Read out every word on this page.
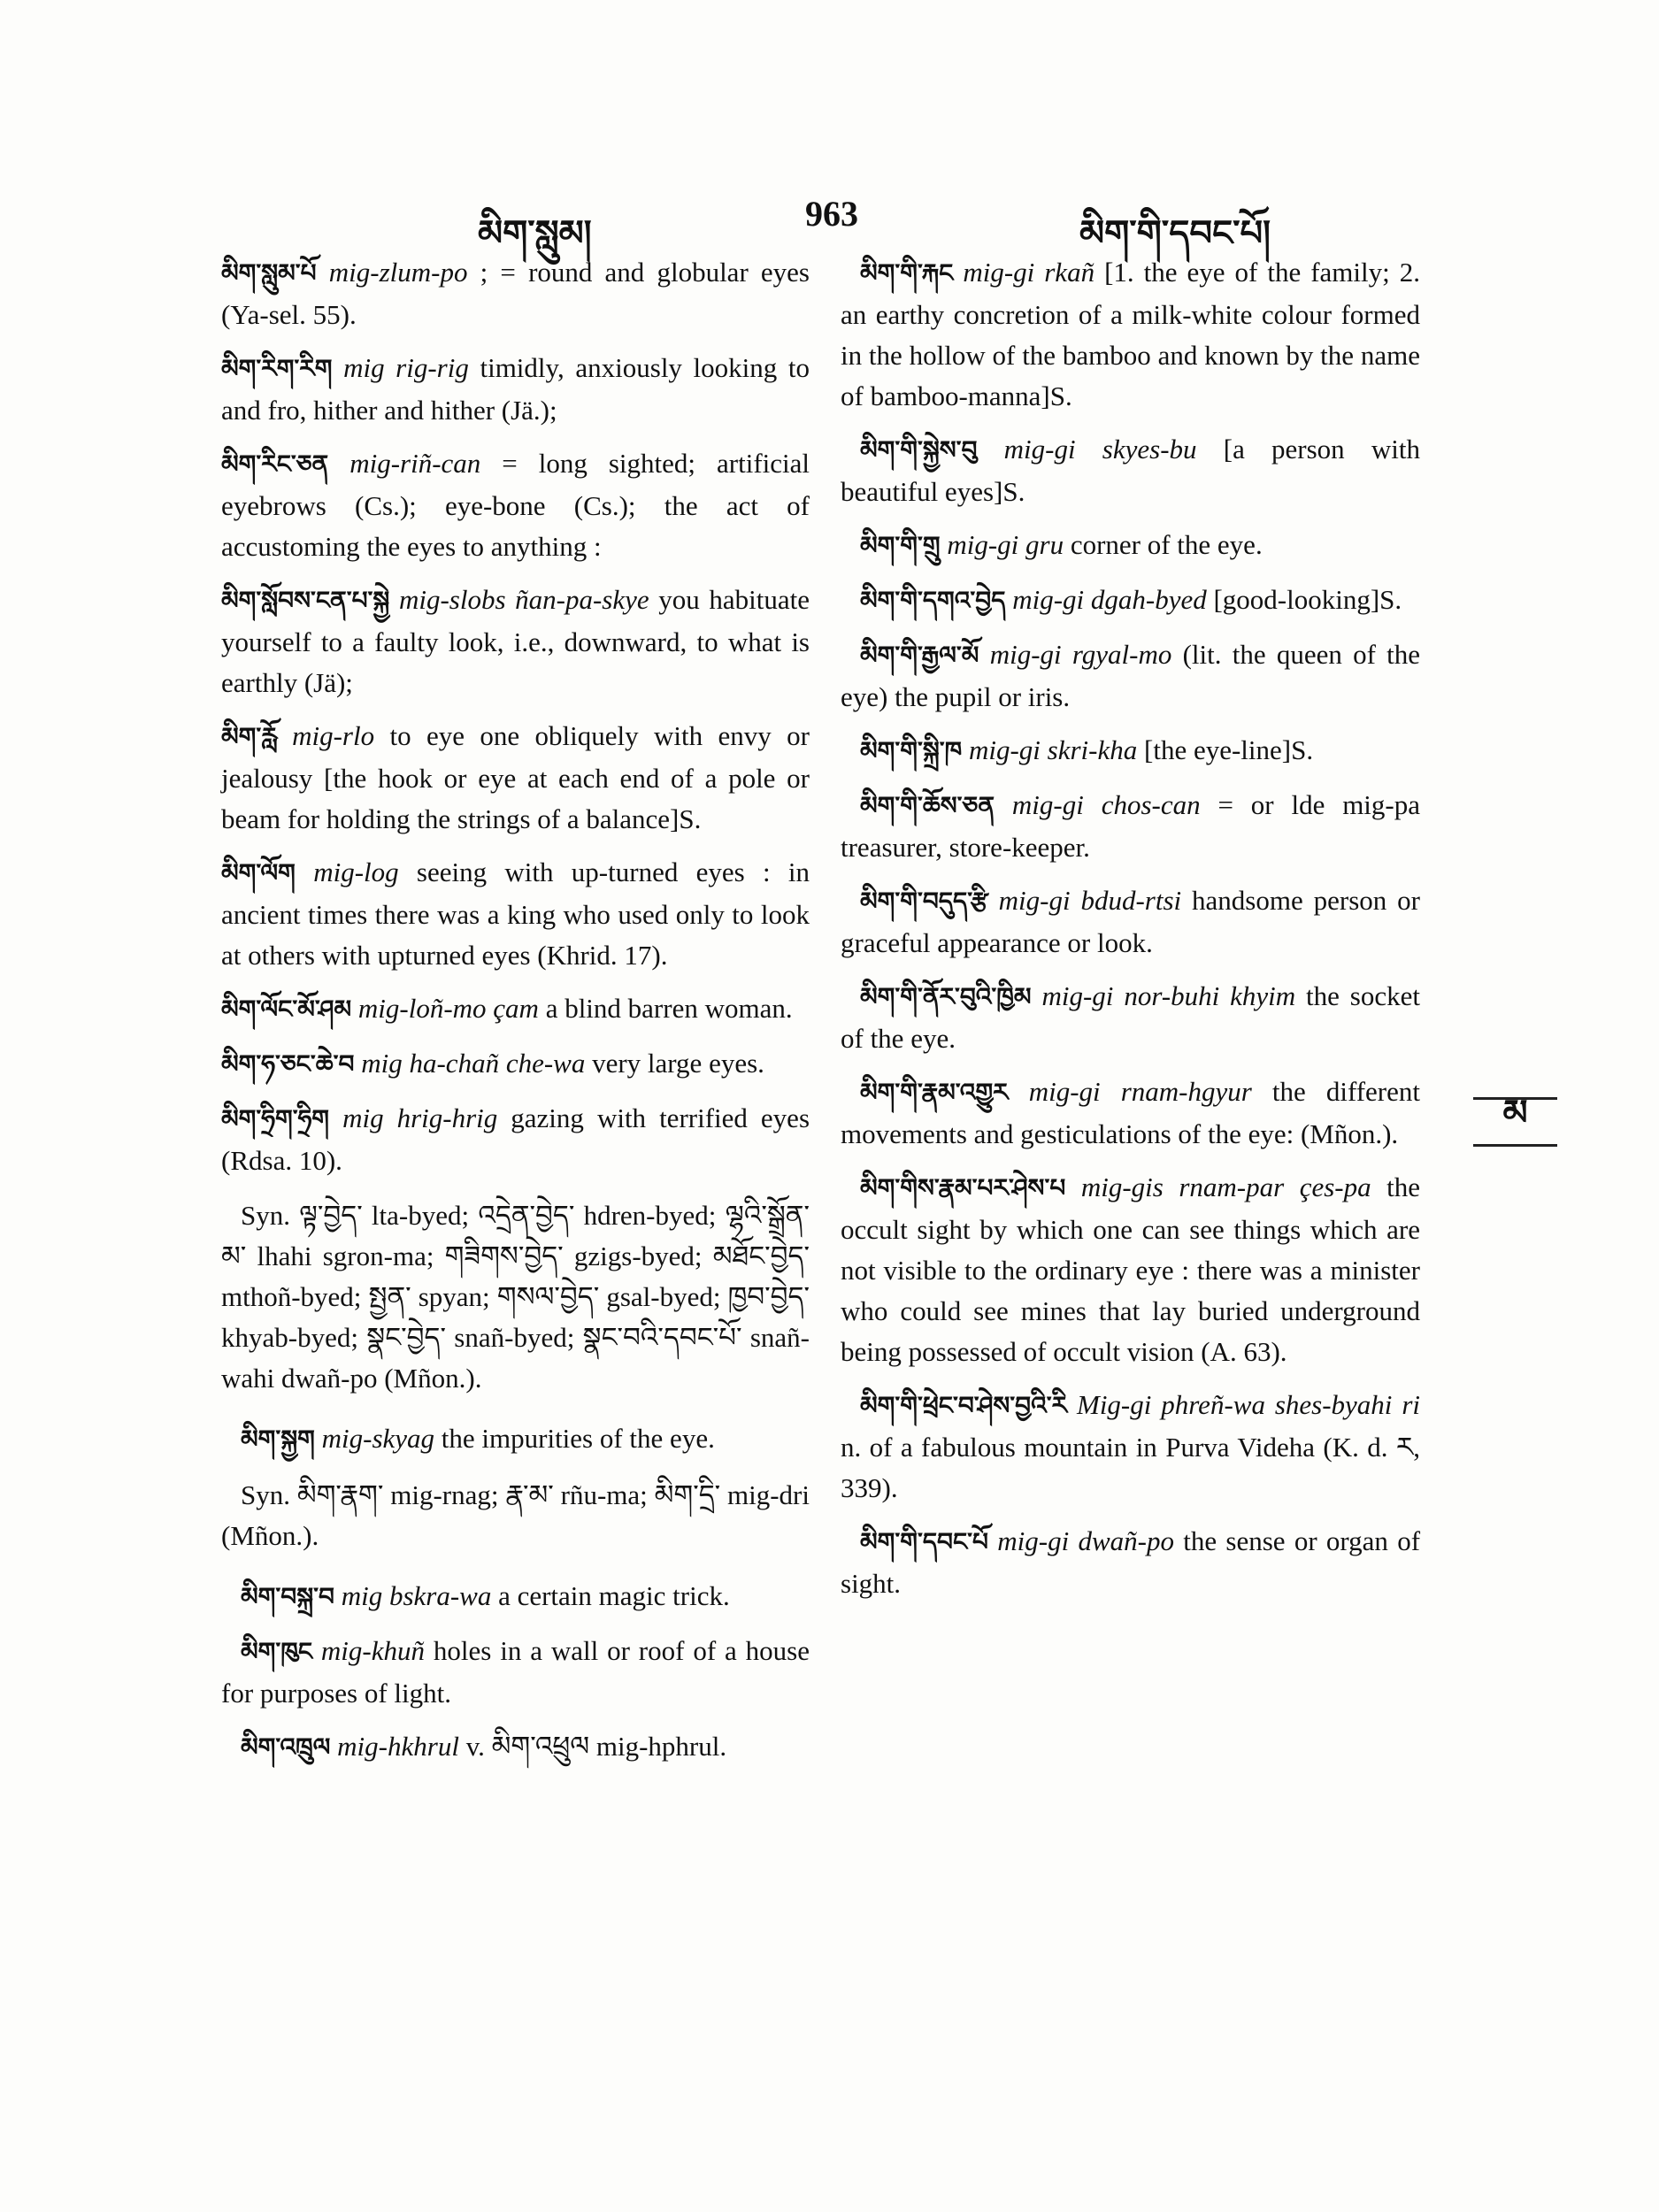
མིག་སླུམ།	963	མིག་གི་དབང་པོ།

མིག་སླུམ་པོ mig-zlum-po ; = round and globular eyes (Ya-sel. 55).

མིག་རིག་རིག mig rig-rig timidly, anxiously looking to and fro, hither and hither (Jä.);

མིག་རིང་ཅན mig-riñ-can = long sighted; artificial eyebrows (Cs.); eye-bone (Cs.); the act of accustoming the eyes to anything :

མིག་སློབས་ངན་པ་སྐྱེ mig-slobs ñan-pa-skye you habituate yourself to a faulty look, i.e., downward, to what is earthly (Jä);

མིག་རློ mig-rlo to eye one obliquely with envy or jealousy [the hook or eye at each end of a pole or beam for holding the strings of a balance]S.

མིག་ལོག mig-log seeing with up-turned eyes : in ancient times there was a king who used only to look at others with upturned eyes (Khrid. 17).

མིག་ལོང་མོ་ཤམ mig-loñ-mo çam a blind barren woman.

མིག་ཧ་ཅང་ཆེ་བ mig ha-chañ che-wa very large eyes.

མིག་ཧྲིག་ཧྲིག mig hrig-hrig gazing with terrified eyes (Rdsa. 10).

Syn. ལྟ་བྱེད་ lta-byed; འདྲེན་བྱེད་ hdren-byed; ལྷའི་སྒྲོན་མ་ lhahi sgron-ma; གཟིགས་བྱེད་ gzigs-byed; མཐོང་བྱེད་ mthoñ-byed; སྤྱན་ spyan; གསལ་བྱེད་ gsal-byed; ཁྱབ་བྱེད་ khyab-byed; སྣང་བྱེད་ snañ-byed; སྣང་བའི་དབང་པོ་ snañ-wahi dwañ-po (Mñon.).

མིག་སྐྱག mig-skyag the impurities of the eye.

Syn. མིག་རྣག་ mig-rnag; རྣ་མ་ rñu-ma; མིག་དྲི་ mig-dri (Mñon.).

མིག་བསྐྲ་བ mig bskra-wa a certain magic trick.

མིག་ཁུང mig-khuñ holes in a wall or roof of a house for purposes of light.

མིག་འཁྲུལ mig-hkhrul v. མིག་འཕྲུལ mig-hphrul.

མིག་གི་རྐང mig-gi rkañ [1. the eye of the family; 2. an earthy concretion of a milk-white colour formed in the hollow of the bamboo and known by the name of bamboo-manna]S.

མིག་གི་སྐྱེས་བུ mig-gi skyes-bu [a person with beautiful eyes]S.

མིག་གི་གྲུ mig-gi gru corner of the eye.

མིག་གི་དགའ་བྱེད mig-gi dgah-byed [good-looking]S.

མིག་གི་རྒྱལ་མོ mig-gi rgyal-mo (lit. the queen of the eye) the pupil or iris.

མིག་གི་སྐྲི་ཁ mig-gi skri-kha [the eye-line]S.

མིག་གི་ཆོས་ཅན mig-gi chos-can = or lde mig-pa treasurer, store-keeper.

མིག་གི་བདུད་རྩི mig-gi bdud-rtsi handsome person or graceful appearance or look.

མིག་གི་ནོར་བུའི་ཁྱིམ mig-gi nor-buhi khyim the socket of the eye.

མིག་གི་རྣམ་འགྱུར mig-gi rnam-hgyur the different movements and gesticulations of the eye: (Mñon.).

མིག་གིས་རྣམ་པར་ཤེས་པ mig-gis rnam-par çes-pa the occult sight by which one can see things which are not visible to the ordinary eye : there was a minister who could see mines that lay buried underground being possessed of occult vision (A. 63).

མིག་གི་ཕྲེང་བ་ཤེས་བྱའི་རི Mig-gi phreñ-wa shes-byahi ri n. of a fabulous mountain in Purva Videha (K. d. ར, 339).

མིག་གི་དབང་པོ mig-gi dwañ-po the sense or organ of sight.

མ
